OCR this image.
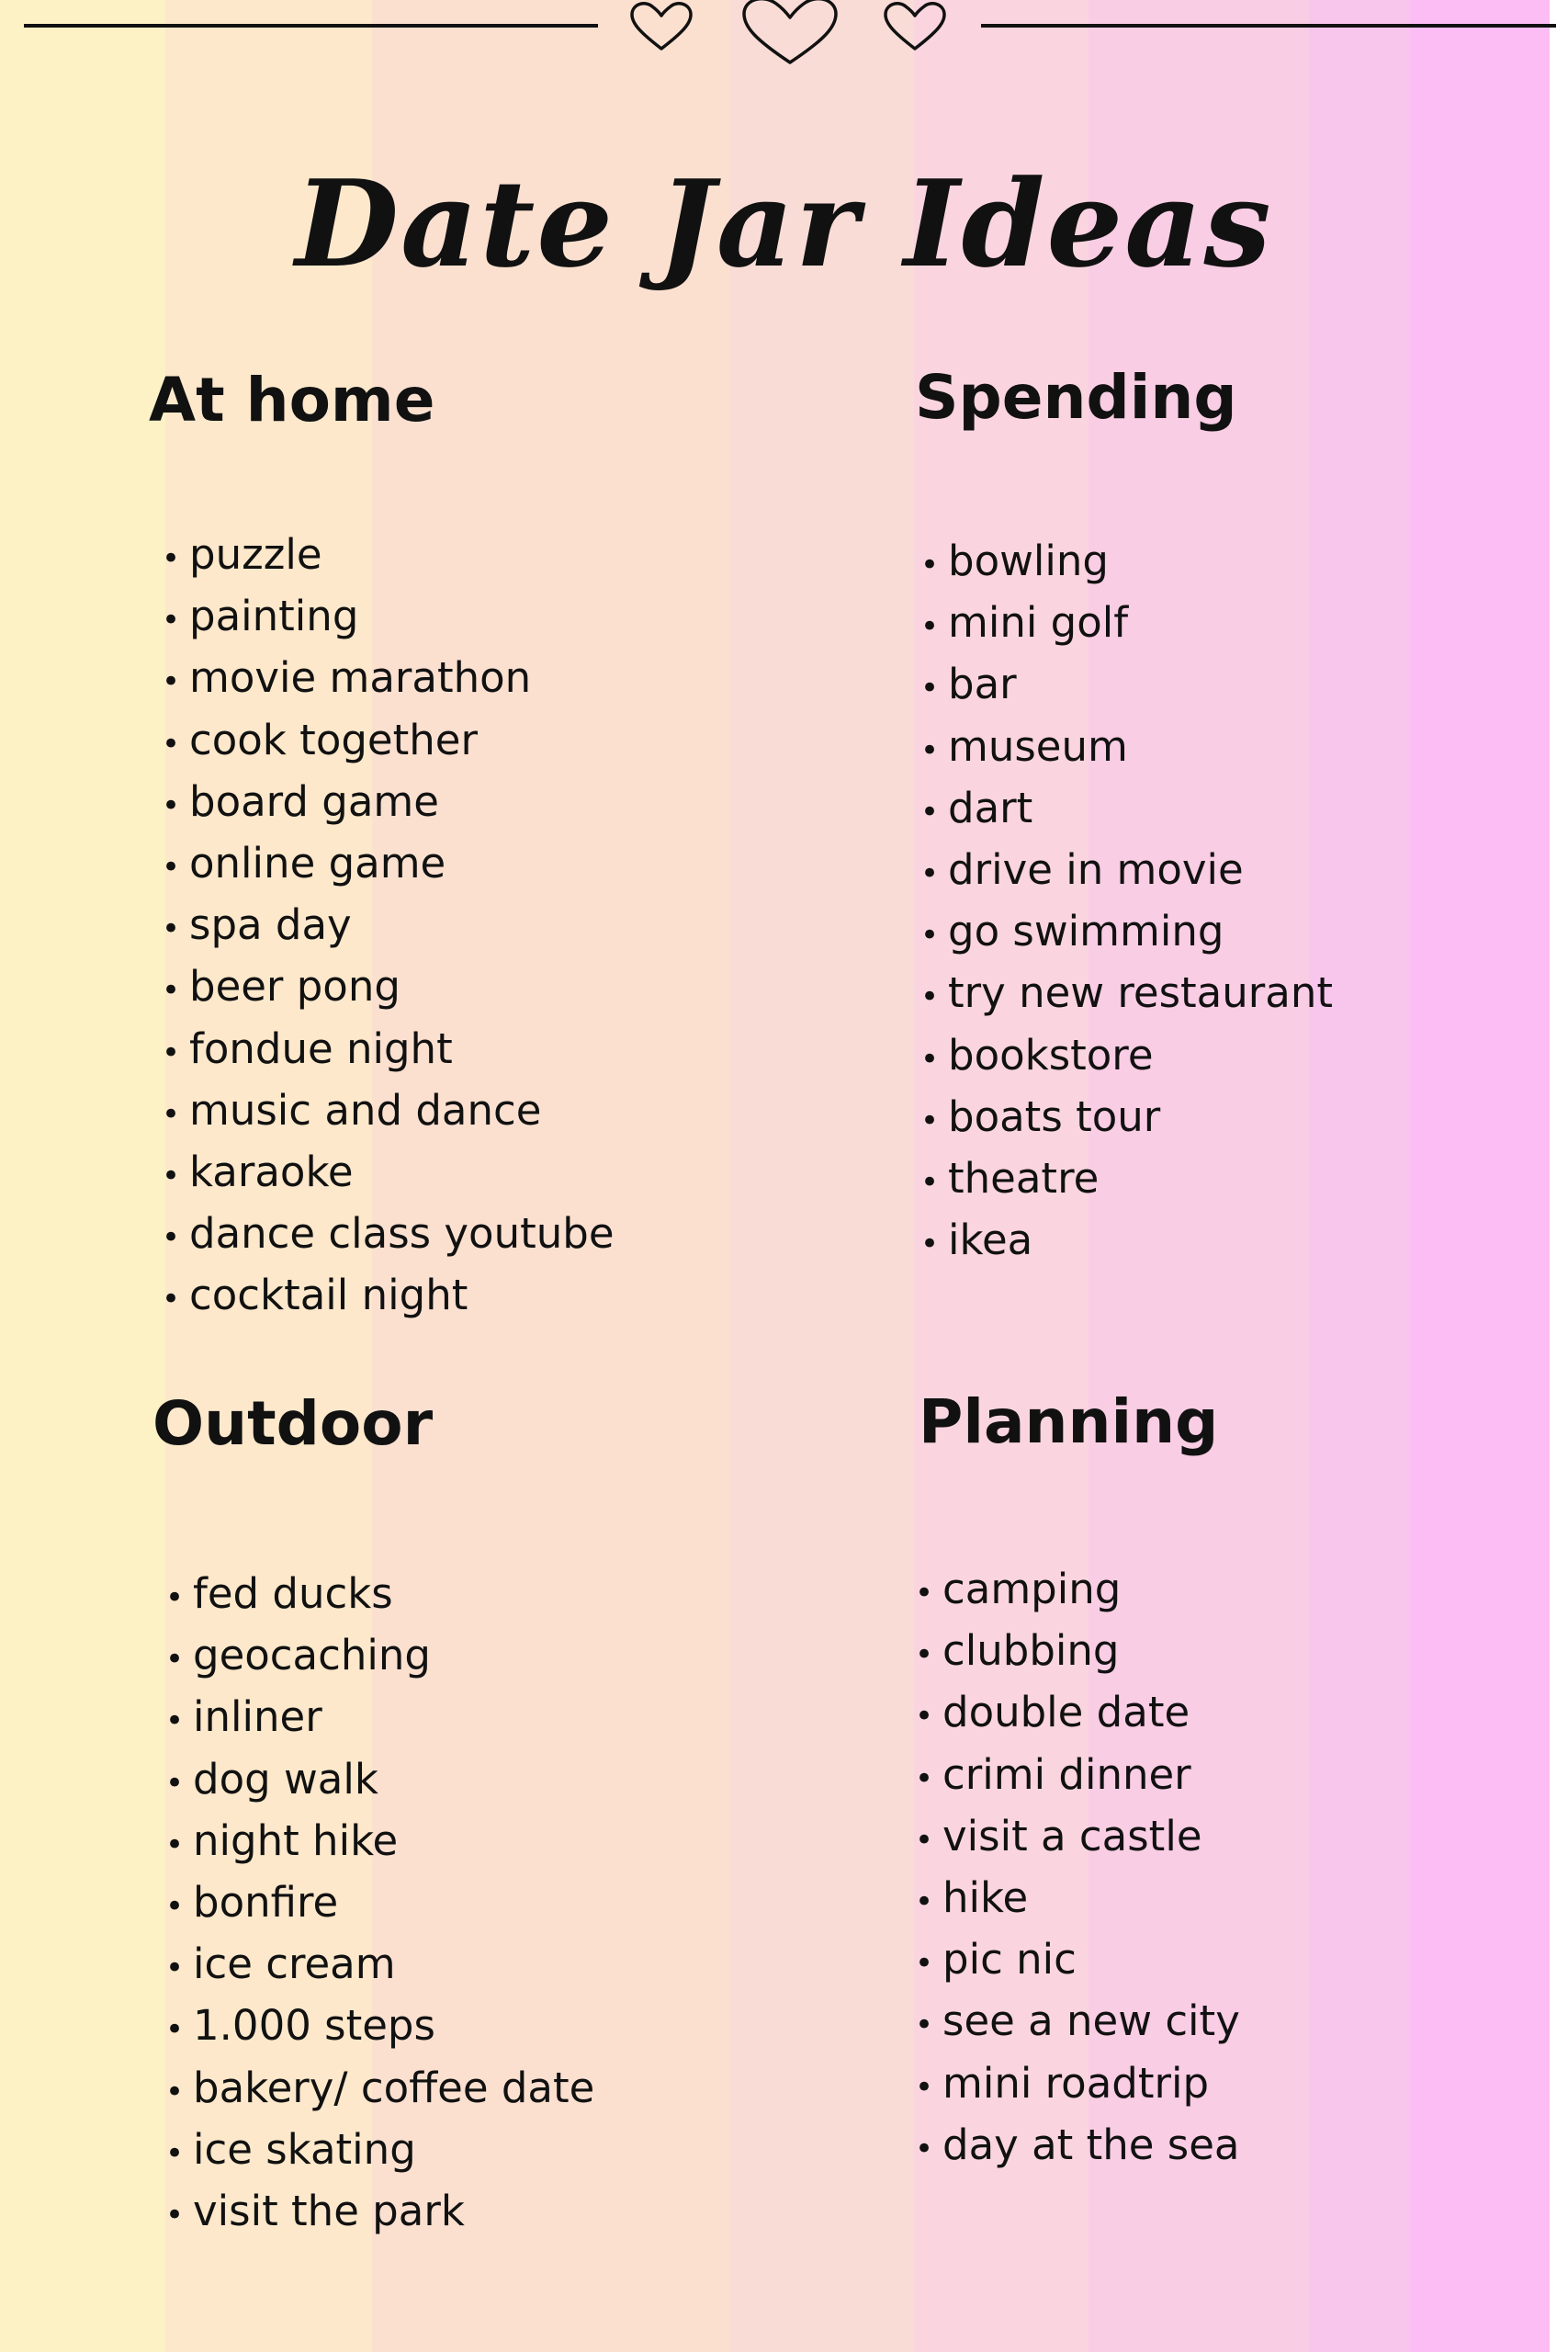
Date Jar Ideas
At home
• puzzle
• painting
• movie marathon
• cook together
• board game
• online game
• spa day
• beer pong
• fondue night
• music and dance
• karaoke
• dance class youtube
• cocktail night
Spending
• bowling
• mini golf
• bar
• museum
• dart
• drive in movie
• go swimming
• try new restaurant
• bookstore
• boats tour
• theatre
• ikea
Outdoor
• fed ducks
• geocaching
• inliner
• dog walk
• night hike
• bonfire
• ice cream
• 1.000 steps
• bakery/ coffee date
• ice skating
• visit the park
Planning
• camping
• clubbing
• double date
• crimi dinner
• visit a castle
• hike
• pic nic
• see a new city
• mini roadtrip
• day at the sea
